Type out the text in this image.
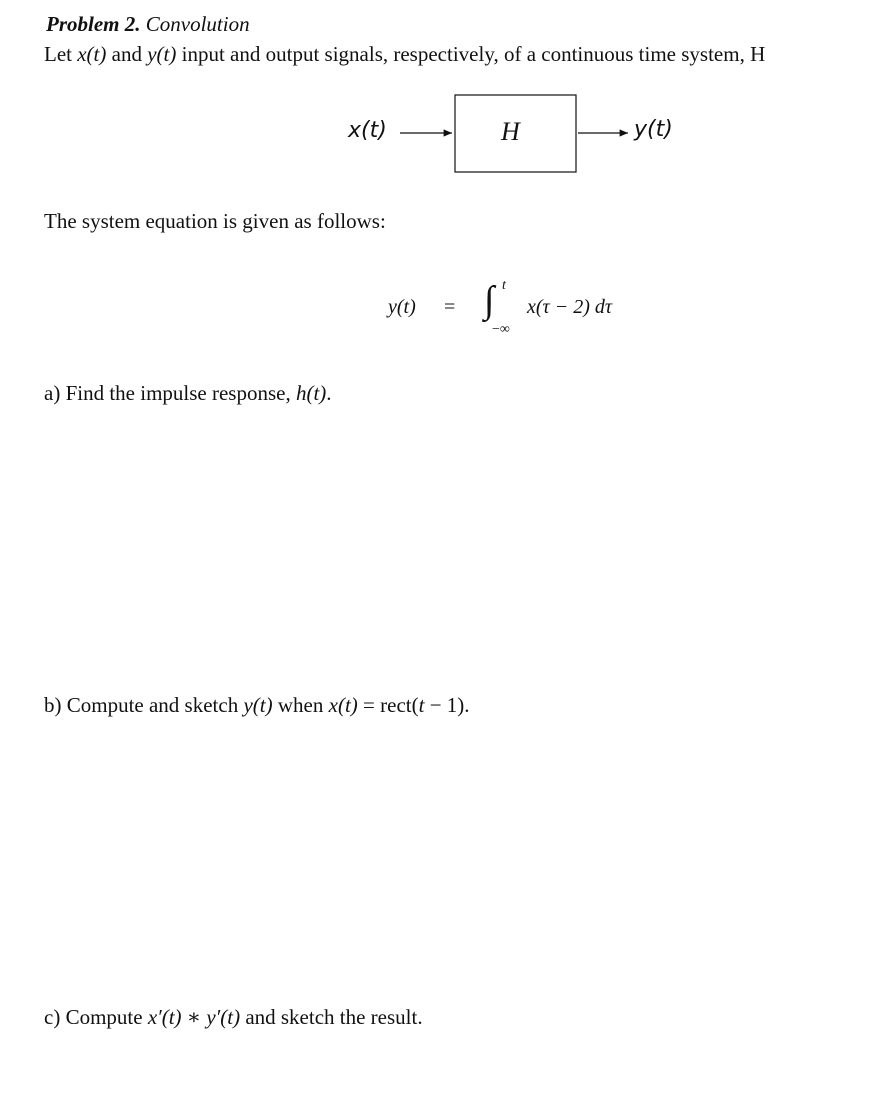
Problem 2. Convolution
Let x(t) and y(t) input and output signals, respectively, of a continuous time system, H
x(t)	H	y(t)
The system equation is given as follows:
y(t) = ∫ t
−∞
x(τ − 2) dτ
a) Find the impulse response, h(t).
b) Compute and sketch y(t) when x(t) = rect(t − 1).
c) Compute x′(t) ∗ y′(t) and sketch the result.
